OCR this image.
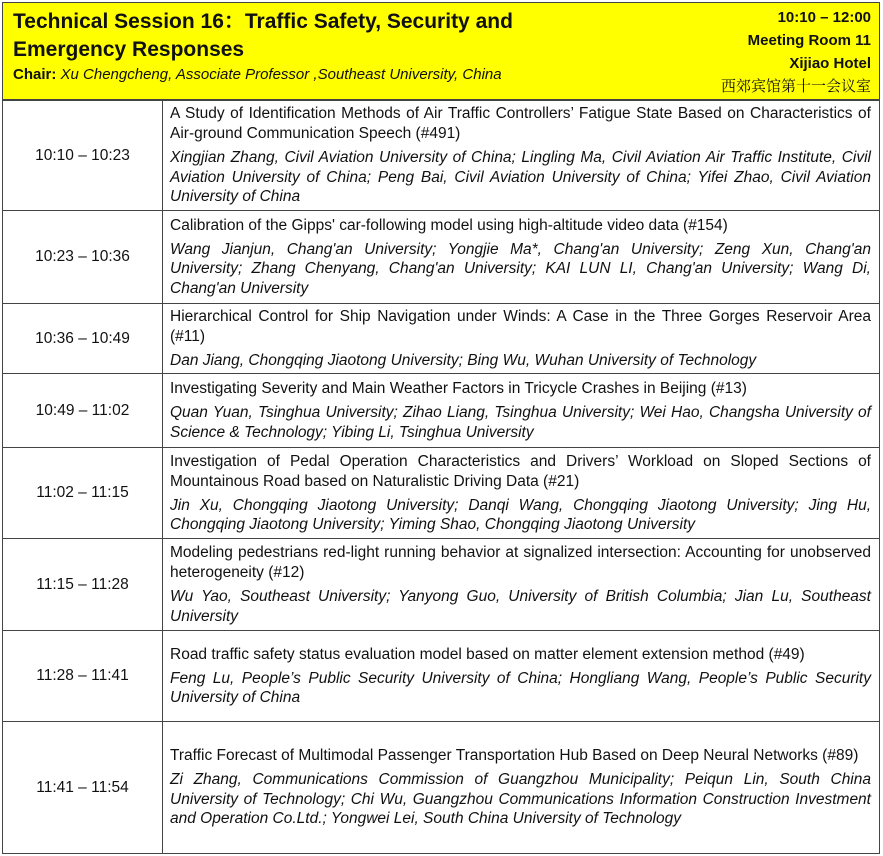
Technical Session 16：Traffic Safety, Security and Emergency Responses
Chair: Xu Chengcheng, Associate Professor ,Southeast University, China
10:10 – 12:00
Meeting Room 11
Xijiao Hotel
西郊宾馆第十一会议室
10:10 – 10:23	A Study of Identification Methods of Air Traffic Controllers’ Fatigue State Based on Characteristics of Air-ground Communication Speech (#491)
Xingjian Zhang, Civil Aviation University of China; Lingling Ma, Civil Aviation Air Traffic Institute, Civil Aviation University of China; Peng Bai, Civil Aviation University of China; Yifei Zhao, Civil Aviation University of China

10:23 – 10:36	Calibration of the Gipps' car-following model using high-altitude video data (#154)
Wang Jianjun, Chang'an University; Yongjie Ma*, Chang'an University; Zeng Xun, Chang'an University; Zhang Chenyang, Chang'an University; KAI LUN LI, Chang'an University; Wang Di, Chang'an University

10:36 – 10:49	Hierarchical Control for Ship Navigation under Winds: A Case in the Three Gorges Reservoir Area (#11)
Dan Jiang, Chongqing Jiaotong University; Bing Wu, Wuhan University of Technology

10:49 – 11:02	Investigating Severity and Main Weather Factors in Tricycle Crashes in Beijing (#13)
Quan Yuan, Tsinghua University; Zihao Liang, Tsinghua University; Wei Hao, Changsha University of Science & Technology; Yibing Li, Tsinghua University

11:02 – 11:15	Investigation of Pedal Operation Characteristics and Drivers’ Workload on Sloped Sections of Mountainous Road based on Naturalistic Driving Data (#21)
Jin Xu, Chongqing Jiaotong University; Danqi Wang, Chongqing Jiaotong University; Jing Hu, Chongqing Jiaotong University; Yiming Shao, Chongqing Jiaotong University

11:15 – 11:28	Modeling pedestrians red-light running behavior at signalized intersection: Accounting for unobserved heterogeneity (#12)
Wu Yao, Southeast University; Yanyong Guo, University of British Columbia; Jian Lu, Southeast University

11:28 – 11:41	Road traffic safety status evaluation model based on matter element extension method (#49)
Feng Lu, People’s Public Security University of China; Hongliang Wang, People’s Public Security University of China

11:41 – 11:54	Traffic Forecast of Multimodal Passenger Transportation Hub Based on Deep Neural Networks (#89)
Zi Zhang, Communications Commission of Guangzhou Municipality; Peiqun Lin, South China University of Technology; Chi Wu, Guangzhou Communications Information Construction Investment and Operation Co.Ltd.; Yongwei Lei, South China University of Technology
